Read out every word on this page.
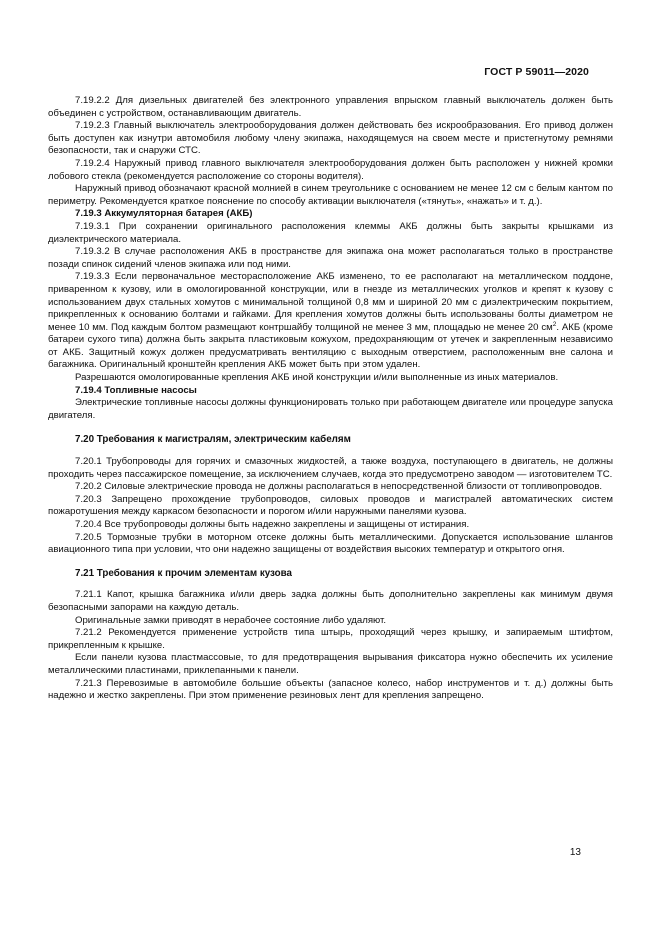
ГОСТ Р 59011—2020

7.19.2.2 Для дизельных двигателей без электронного управления впрыском главный выключатель должен быть объединен с устройством, останавливающим двигатель.

7.19.2.3 Главный выключатель электрооборудования должен действовать без искрообразования. Его привод должен быть доступен как изнутри автомобиля любому члену экипажа, находящемуся на своем месте и пристегнутому ремнями безопасности, так и снаружи СТС.

7.19.2.4 Наружный привод главного выключателя электрооборудования должен быть расположен у нижней кромки лобового стекла (рекомендуется расположение со стороны водителя).

Наружный привод обозначают красной молнией в синем треугольнике с основанием не менее 12 см с белым кантом по периметру. Рекомендуется краткое пояснение по способу активации выключателя («тянуть», «нажать» и т. д.).

7.19.3 Аккумуляторная батарея (АКБ)

7.19.3.1 При сохранении оригинального расположения клеммы АКБ должны быть закрыты крышками из диэлектрического материала.

7.19.3.2 В случае расположения АКБ в пространстве для экипажа она может располагаться только в пространстве позади спинок сидений членов экипажа или под ними.

7.19.3.3 Если первоначальное месторасположение АКБ изменено, то ее располагают на металлическом поддоне, приваренном к кузову, или в омологированной конструкции, или в гнезде из металлических уголков и крепят к кузову с использованием двух стальных хомутов с минимальной толщиной 0,8 мм и шириной 20 мм с диэлектрическим покрытием, прикрепленных к основанию болтами и гайками. Для крепления хомутов должны быть использованы болты диаметром не менее 10 мм. Под каждым болтом размещают контршайбу толщиной не менее 3 мм, площадью не менее 20 $см^2$. АКБ (кроме батареи сухого типа) должна быть закрыта пластиковым кожухом, предохраняющим от утечек и закрепленным независимо от АКБ. Защитный кожух должен предусматривать вентиляцию с выходным отверстием, расположенным вне салона и багажника. Оригинальный кронштейн крепления АКБ может быть при этом удален.

Разрешаются омологированные крепления АКБ иной конструкции и/или выполненные из иных материалов.

7.19.4 Топливные насосы

Электрические топливные насосы должны функционировать только при работающем двигателе или процедуре запуска двигателя.

7.20 Требования к магистралям, электрическим кабелям

7.20.1 Трубопроводы для горячих и смазочных жидкостей, а также воздуха, поступающего в двигатель, не должны проходить через пассажирское помещение, за исключением случаев, когда это предусмотрено заводом — изготовителем ТС.

7.20.2 Силовые электрические провода не должны располагаться в непосредственной близости от топливопроводов.

7.20.3 Запрещено прохождение трубопроводов, силовых проводов и магистралей автоматических систем пожаротушения между каркасом безопасности и порогом и/или наружными панелями кузова.

7.20.4 Все трубопроводы должны быть надежно закреплены и защищены от истирания.

7.20.5 Тормозные трубки в моторном отсеке должны быть металлическими. Допускается использование шлангов авиационного типа при условии, что они надежно защищены от воздействия высоких температур и открытого огня.

7.21 Требования к прочим элементам кузова

7.21.1 Капот, крышка багажника и/или дверь задка должны быть дополнительно закреплены как минимум двумя безопасными запорами на каждую деталь.

Оригинальные замки приводят в нерабочее состояние либо удаляют.

7.21.2 Рекомендуется применение устройств типа штырь, проходящий через крышку, и запираемым штифтом, прикрепленным к крышке.

Если панели кузова пластмассовые, то для предотвращения вырывания фиксатора нужно обеспечить их усиление металлическими пластинами, приклепанными к панели.

7.21.3 Перевозимые в автомобиле большие объекты (запасное колесо, набор инструментов и т. д.) должны быть надежно и жестко закреплены. При этом применение резиновых лент для крепления запрещено.

13
